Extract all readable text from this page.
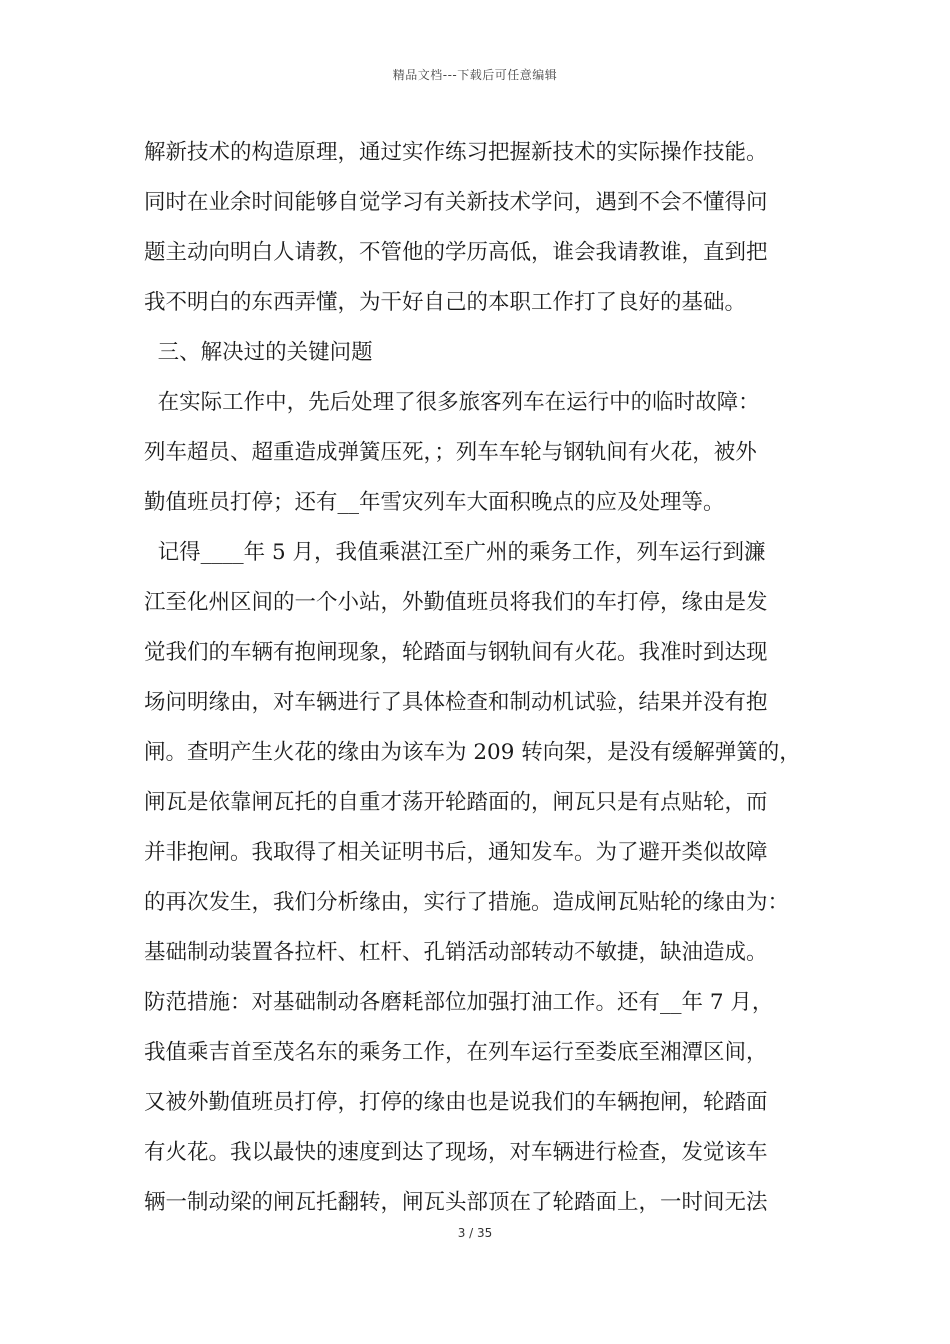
精品文档---下载后可任意编辑
解新技术的构造原理，通过实作练习把握新技术的实际操作技能。
同时在业余时间能够自觉学习有关新技术学问，遇到不会不懂得问
题主动向明白人请教，不管他的学历高低，谁会我请教谁，直到把
我不明白的东西弄懂，为干好自己的本职工作打了良好的基础。
三、解决过的关键问题
在实际工作中，先后处理了很多旅客列车在运行中的临时故障：
列车超员、超重造成弹簧压死，；列车车轮与钢轨间有火花，被外
勤值班员打停；还有__年雪灾列车大面积晚点的应及处理等。
记得____年 5 月，我值乘湛江至广州的乘务工作，列车运行到濂
江至化州区间的一个小站，外勤值班员将我们的车打停，缘由是发
觉我们的车辆有抱闸现象，轮踏面与钢轨间有火花。我准时到达现
场问明缘由，对车辆进行了具体检查和制动机试验，结果并没有抱
闸。查明产生火花的缘由为该车为 209 转向架，是没有缓解弹簧的，
闸瓦是依靠闸瓦托的自重才荡开轮踏面的，闸瓦只是有点贴轮，而
并非抱闸。我取得了相关证明书后，通知发车。为了避开类似故障
的再次发生，我们分析缘由，实行了措施。造成闸瓦贴轮的缘由为：
基础制动装置各拉杆、杠杆、孔销活动部转动不敏捷，缺油造成。
防范措施：对基础制动各磨耗部位加强打油工作。还有__年 7 月，
我值乘吉首至茂名东的乘务工作，在列车运行至娄底至湘潭区间，
又被外勤值班员打停，打停的缘由也是说我们的车辆抱闸，轮踏面
有火花。我以最快的速度到达了现场，对车辆进行检查，发觉该车
辆一制动梁的闸瓦托翻转，闸瓦头部顶在了轮踏面上，一时间无法
3 / 35
